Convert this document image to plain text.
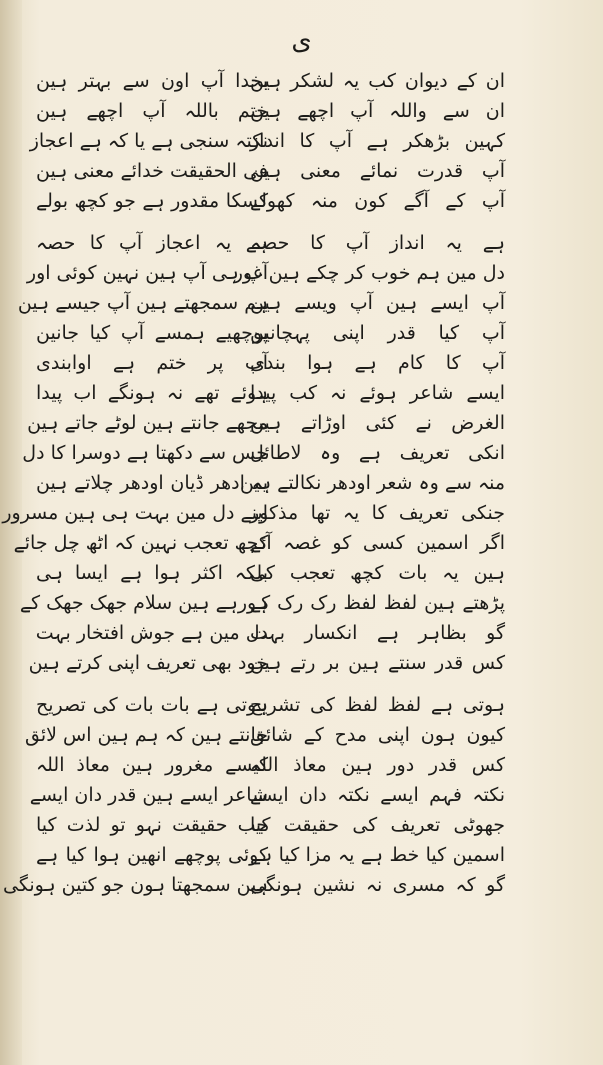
ی
ان کے دیوان کب یہ لشکر ہین
ان سے واللہ آپ اچھے ہین
کہین بڑھکر ہے آپ کا انداز
آپ قدرت نمائے معنی ہین
آپ کے آگے کون منہ کھولے
ہے یہ انداز آپ کا حصہ
دل مین ہم خوب کر چکے ہین غور
آپ ایسے ہین آپ ویسے ہین
آپ کیا قدر اپنی پہچانین
آپ کا کام ہے ہوا بندی
ایسے شاعر ہوئے نہ کب پیدا
الغرض نے کئی اوڑاتے ہین
انکی تعریف ہے وہ لاطائل
منہ سے وہ شعر اودھر نکالتے ہین
جنکی تعریف کا یہ تھا مذکور
اگر اسمین کسی کو غصہ آئے
ہین یہ بات کچھ تعجب کی
پڑھتے ہین لفظ لفظ رک رک کے
گو بظاہر ہے انکسار بہت
کس قدر سنتے ہین بر رتے ہین
ہوتی ہے لفظ لفظ کی تشریح
کیون ہون اپنی مدح کے شائق
کس قدر دور ہین معاذ اللہ
نکتہ فہم ایسے نکتہ دان ایسے
جھوٹی تعریف کی حقیقت کیا
اسمین کیا خط ہے یہ مزا کیا ہے
گو کہ مسری نہ نشین ہونگی
بخدا آپ اون سے بہتر ہین
ختم باللہ آپ اچھے ہین
نکتہ سنجی ہے یا کہ ہے اعجاز
فی الحقیقت خدائے معنی ہین
کسکا مقدور ہے جو کچھ بولے
ہے یہ اعجاز آپ کا حصہ
آپ ہی آپ ہین نہین کوئی اور
ہم سمجھتے ہین آپ جیسے ہین
پوچھیے ہمسے آپ کیا جانین
آپ پر ختم ہے اوابندی
ہوئے تھے نہ ہونگے اب پیدا
مجھے جانتے ہین لوٹے جاتے ہین
جس سے دکھتا ہے دوسرا کا دل
یہ ادھر ڈیان اودھر چلاتے ہین
اپنے دل مین بہت ہی ہین مسرور
کچھ تعجب نہین کہ اٹھ چل جائے
بلکہ اکثر ہوا ہے ایسا ہی
ہورہے ہین سلام جھک جھک کے
دل مین ہے جوش افتخار بہت
خود بھی تعریف اپنی کرتے ہین
ہوتی ہے بات بات کی تصریح
جانتے ہین کہ ہم ہین اس لائق
کیسے مغرور ہین معاذ اللہ
شاعر ایسے ہین قدر دان ایسے
جب حقیقت نہو تو لذت کیا
کوئی پوچھے انھین ہوا کیا ہے
ہین سمجھتا ہون جو کتین ہونگی
